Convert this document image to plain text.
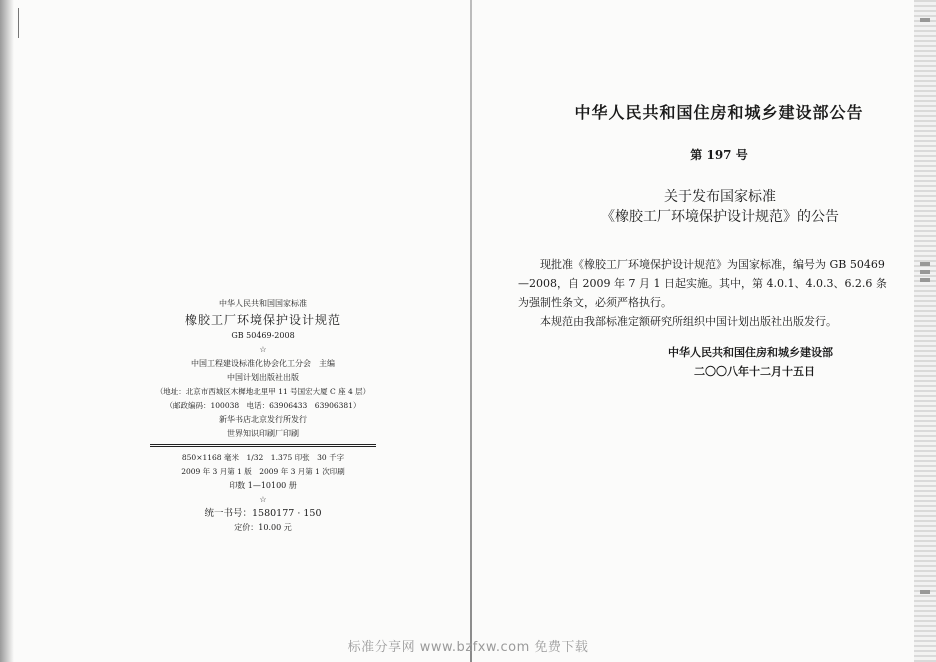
中华人民共和国国家标准
橡胶工厂环境保护设计规范
GB 50469-2008
☆
中国工程建设标准化协会化工分会　主编
中国计划出版社出版
（地址：北京市西城区木樨地北里甲 11 号国宏大厦 C 座 4 层）
（邮政编码：100038　电话：63906433　63906381）
新华书店北京发行所发行
世界知识印刷厂印刷
850×1168 毫米　1/32　1.375 印张　30 千字
2009 年 3 月第 1 版　2009 年 3 月第 1 次印刷
印数 1—10100 册
☆
统一书号：1580177 · 150
定价：10.00 元
中华人民共和国住房和城乡建设部公告
第 197 号
关于发布国家标准
《橡胶工厂环境保护设计规范》的公告

现批准《橡胶工厂环境保护设计规范》为国家标准，编号为 GB 50469—2008，自 2009 年 7 月 1 日起实施。其中，第 4.0.1、4.0.3、6.2.6 条为强制性条文，必须严格执行。

本规范由我部标准定额研究所组织中国计划出版社出版发行。

中华人民共和国住房和城乡建设部
二〇〇八年十二月十五日
标准分享网 www.bzfxw.com 免费下载
